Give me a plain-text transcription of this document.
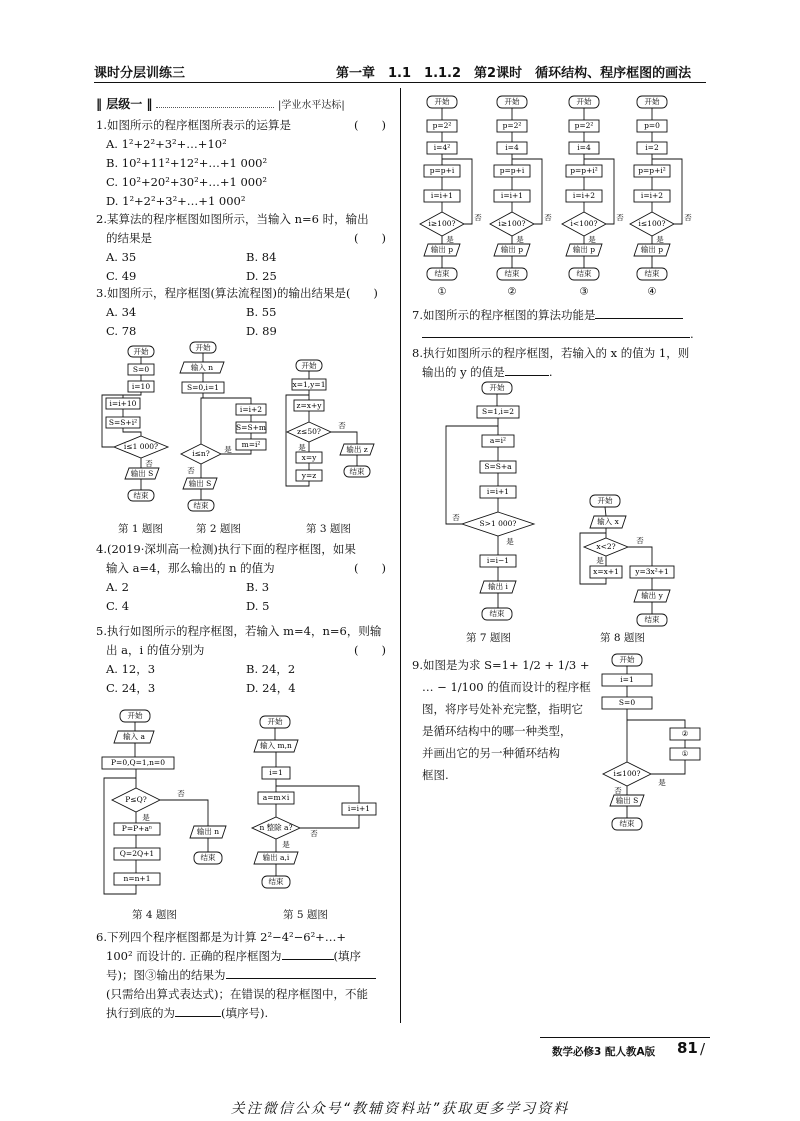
课时分层训练三	第一章　1.1　1.1.2　第2课时　循环结构、程序框图的画法
‖ 层级一 ‖	|学业水平达标|
1.如图所示的程序框图所表示的运算是	(　　)
A. 1²+2²+3²+…+10²
B. 10²+11²+12²+…+1 000²
C. 10²+20²+30²+…+1 000²
D. 1²+2²+3²+…+1 000²
2.某算法的程序框图如图所示，当输入 n=6 时，输出
的结果是	(　　)
A. 35	B. 84
C. 49	D. 25
3.如图所示，程序框图(算法流程图)的输出结果是(　　)
A. 34	B. 55
C. 78	D. 89
开始
S=0
i=10
i=i+10
S=S+i²
i≤1 000?
否
输出 S
结束
开始
输入 n
S=0,i=1
i≤n? 是
i=i+2
S=S+m
m=i²
否
输出 S
结束
开始
x=1,y=1
z=x+y
z≤50?
否
是
x=y
y=z
输出 z
结束
第 1 题图	第 2 题图	第 3 题图
4.(2019·深圳高一检测)执行下面的程序框图，如果
输入 a=4，那么输出的 n 的值为	(　　)
A. 2	B. 3
C. 4	D. 5
5.执行如图所示的程序框图，若输入 m=4，n=6，则输
出 a，i 的值分别为	(　　)
A. 12，3	B. 24，2
C. 24，3	D. 24，4
开始
输入 a
P=0,Q=1,n=0
P≤Q?
否
是
P=P+aⁿ
Q=2Q+1
n=n+1
输出 n
结束
开始
输入 m,n
i=1
a=m×i
n 整除 a?
否
是
i=i+1
输出 a,i
结束
第 4 题图	第 5 题图
6.下列四个程序框图都是为计算 2²−4²−6²+…+
100² 而设计的. 正确的程序框图为	(填序
号)；图③输出的结果为
(只需给出算式表达式)；在错误的程序框图中，不能
执行到底的为	(填序号).
开始
p=2²
i=4²
p=p+i
i=i+1
i≥100?
是
否
输出 p
结束
①
开始
p=2²
i=4
p=p+i
i=i+1
i≥100?
是
否
输出 p
结束
②
开始
p=2²
i=4
p=p+i²
i=i+2
i<100?
是
否
输出 p
结束
③
开始
p=0
i=2
p=p+i²
i=i+2
i≤100?
是
否
输出 p
结束
④
7.如图所示的程序框图的算法功能是
.
8.执行如图所示的程序框图，若输入的 x 的值为 1，则
输出的 y 的值是	.
开始
S=1,i=2
a=i²
S=S+a
i=i+1
S>1 000?
否
是
i=i−1
输出 i
结束
开始
输入 x
x<2?
否
是
x=x+1 y=3x²+1
输出 y
结束
第 7 题图	第 8 题图
9.如图是为求 S=1+ 1/2 + 1/3 +
… − 1/100 的值而设计的程序框
图，将序号处补充完整，指明它
是循环结构中的哪一种类型，
并画出它的另一种循环结构
框图.
开始
i=1
S=0
②
①
i≤100?
是
否
输出 S
结束
数学必修3 配人教A版 81 /
关注微信公众号“教辅资料站”获取更多学习资料
